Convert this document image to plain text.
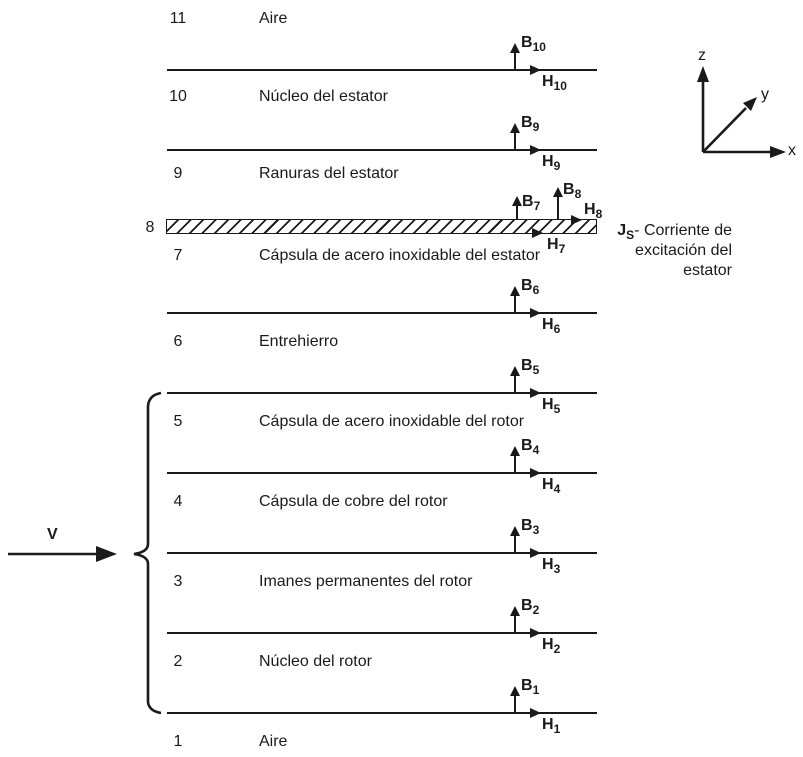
11	Aire
10	Núcleo del estator
9	Ranuras del estator
8
7	Cápsula de acero inoxidable del estator
6	Entrehierro
5	Cápsula de acero inoxidable del rotor
4	Cápsula de cobre del rotor
3	Imanes permanentes del rotor
2	Núcleo del rotor
1	Aire
$B_{10}$
$H_{10}$
$B_9$
$H_9$
$B_7$
$B_8$
$H_8$
$H_7$
$B_6$
$H_6$
$B_5$
$H_5$
$B_4$
$H_4$
$B_3$
$H_3$
$B_2$
$H_2$
$B_1$
$H_1$
$J_S-$ Corriente de
excitación del
estator
V
z
y
x
